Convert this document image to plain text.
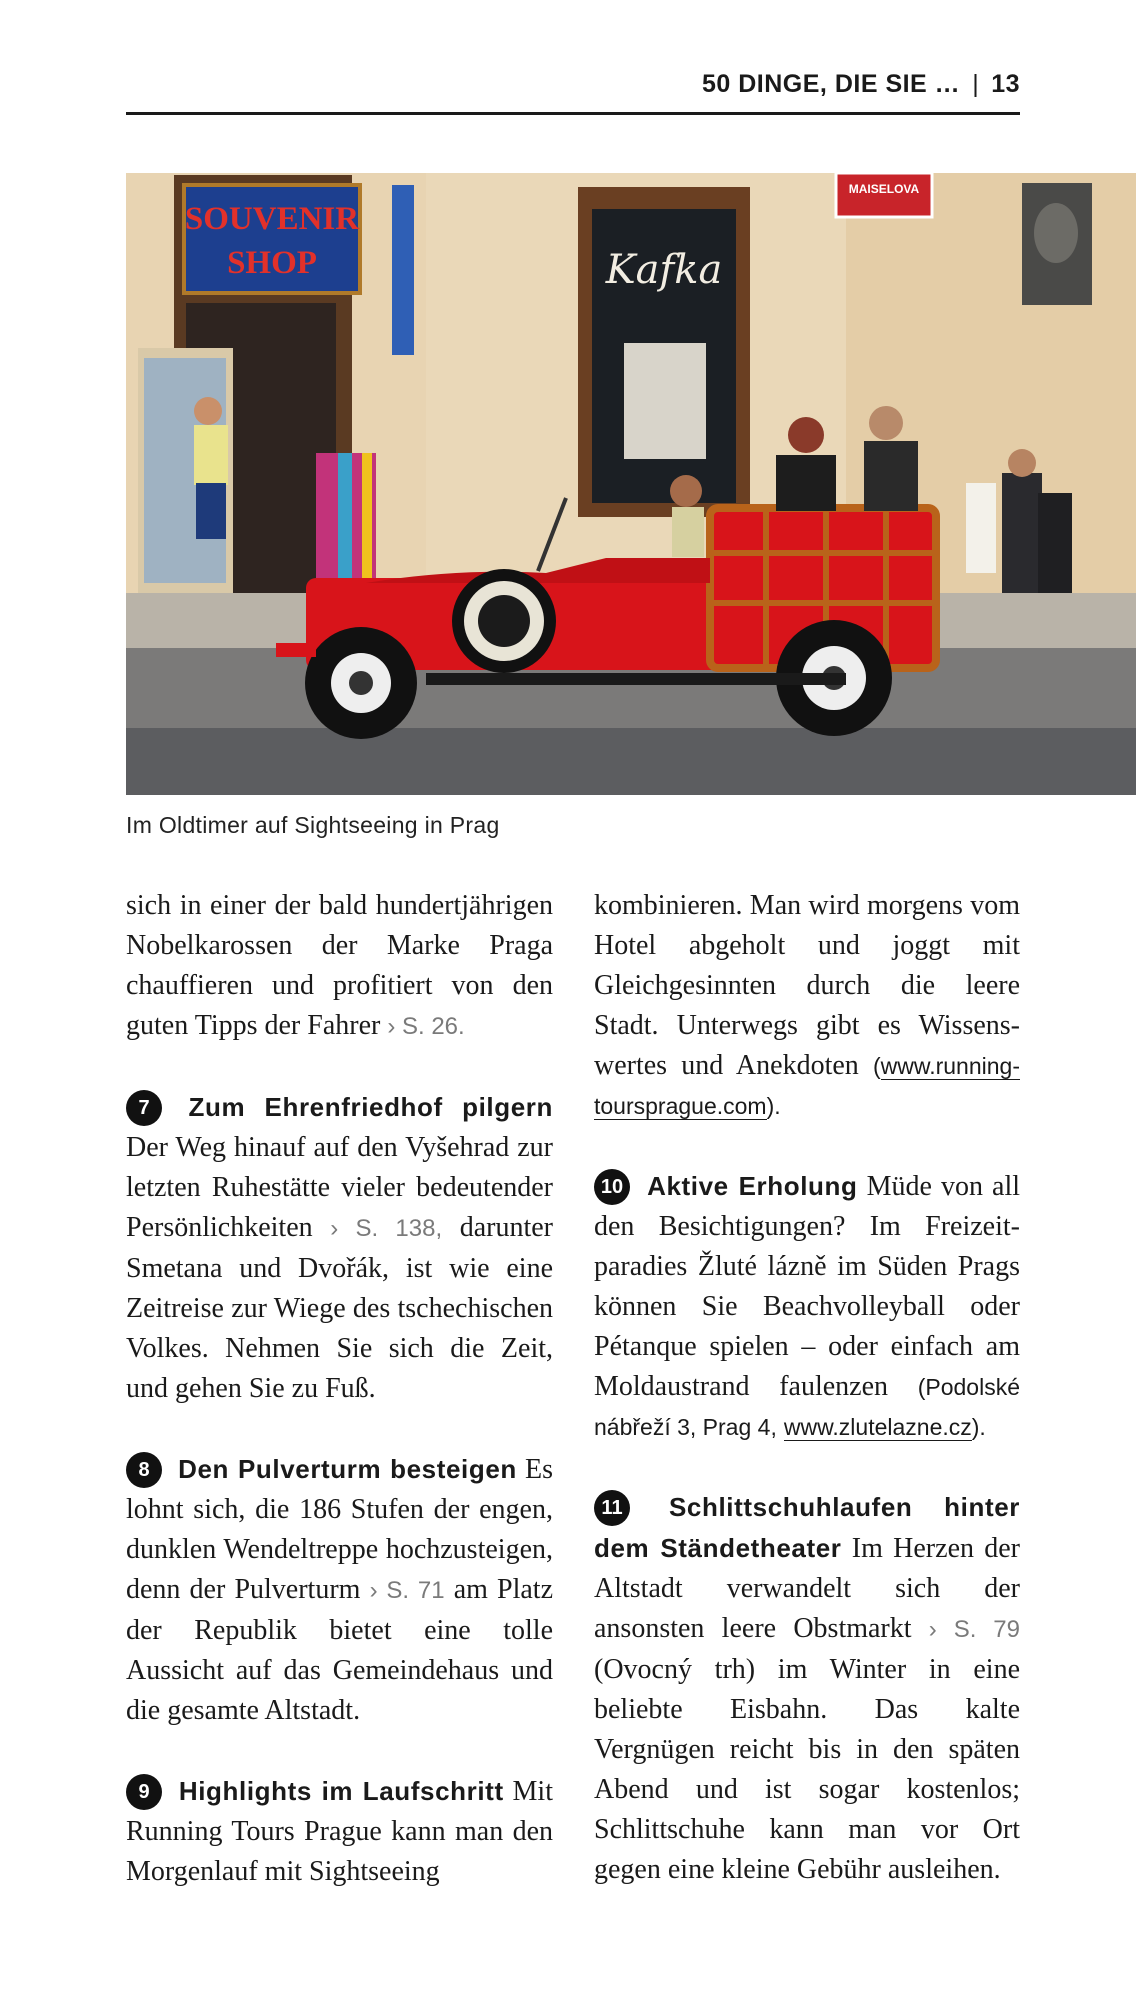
50 DINGE, DIE SIE … | 13
SOUVENIR
SHOP	Kafka
MAISELOVA
Im Oldtimer auf Sightseeing in Prag

sich in einer der bald hundertjährigen Nobelkarossen der Marke Praga chauffieren und profitiert von den guten Tipps der Fahrer › S. 26.

7 Zum Ehrenfriedhof pilgern Der Weg hinauf auf den Vyšehrad zur letzten Ruhestätte vieler bedeutender Persönlichkeiten › S. 138, darunter Smetana und Dvořák, ist wie eine Zeitreise zur Wiege des tschechischen Volkes. Nehmen Sie sich die Zeit, und gehen Sie zu Fuß.

8 Den Pulverturm besteigen Es lohnt sich, die 186 Stufen der engen, dunklen Wendeltreppe hochzusteigen, denn der Pulverturm › S. 71 am Platz der Republik bietet eine tolle Aussicht auf das Gemeindehaus und die gesamte Altstadt.

9 Highlights im Laufschritt Mit Running Tours Prague kann man den Morgenlauf mit Sightseeing

kombinieren. Man wird morgens vom Hotel abgeholt und joggt mit Gleichgesinnten durch die leere Stadt. Unterwegs gibt es Wissenswertes und Anekdoten (www.runningtoursprague.com).

10 Aktive Erholung Müde von all den Besichtigungen? Im Freizeitparadies Žluté lázně im Süden Prags können Sie Beachvolleyball oder Pétanque spielen – oder einfach am Moldaustrand faulenzen (Podolské nábřeží 3, Prag 4, www.zlutelazne.cz).

11 Schlittschuhlaufen hinter dem Ständetheater Im Herzen der Altstadt verwandelt sich der ansonsten leere Obstmarkt › S. 79 (Ovocný trh) im Winter in eine beliebte Eisbahn. Das kalte Vergnügen reicht bis in den späten Abend und ist sogar kostenlos; Schlittschuhe kann man vor Ort gegen eine kleine Gebühr ausleihen.
